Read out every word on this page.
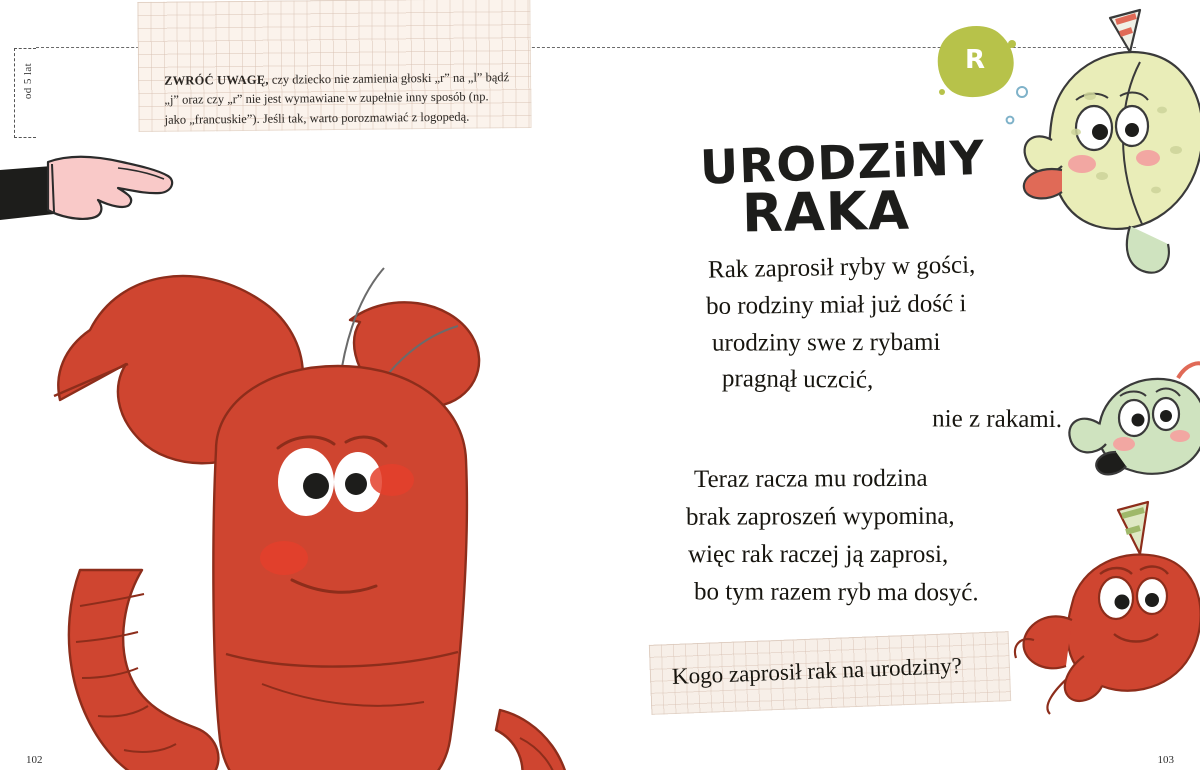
od 5 lat	ZWRÓĆ UWAGĘ, czy dziecko nie zamienia głoski „r” na „l” bądź „j” oraz czy „r” nie jest wymawiane w zupełnie inny sposób (np. jako „francuskie”). Jeśli tak, warto porozmawiać z logopedą.
R
URODZiNY
RAKA
Rak zaprosił ryby w gości,
bo rodziny miał już dość i
urodziny swe z rybami
pragnął uczcić,
nie z rakami.
Teraz racza mu rodzina
brak zaproszeń wypomina,
więc rak raczej ją zaprosi,
bo tym razem ryb ma dosyć.
Kogo zaprosił rak na urodziny?
102	103
